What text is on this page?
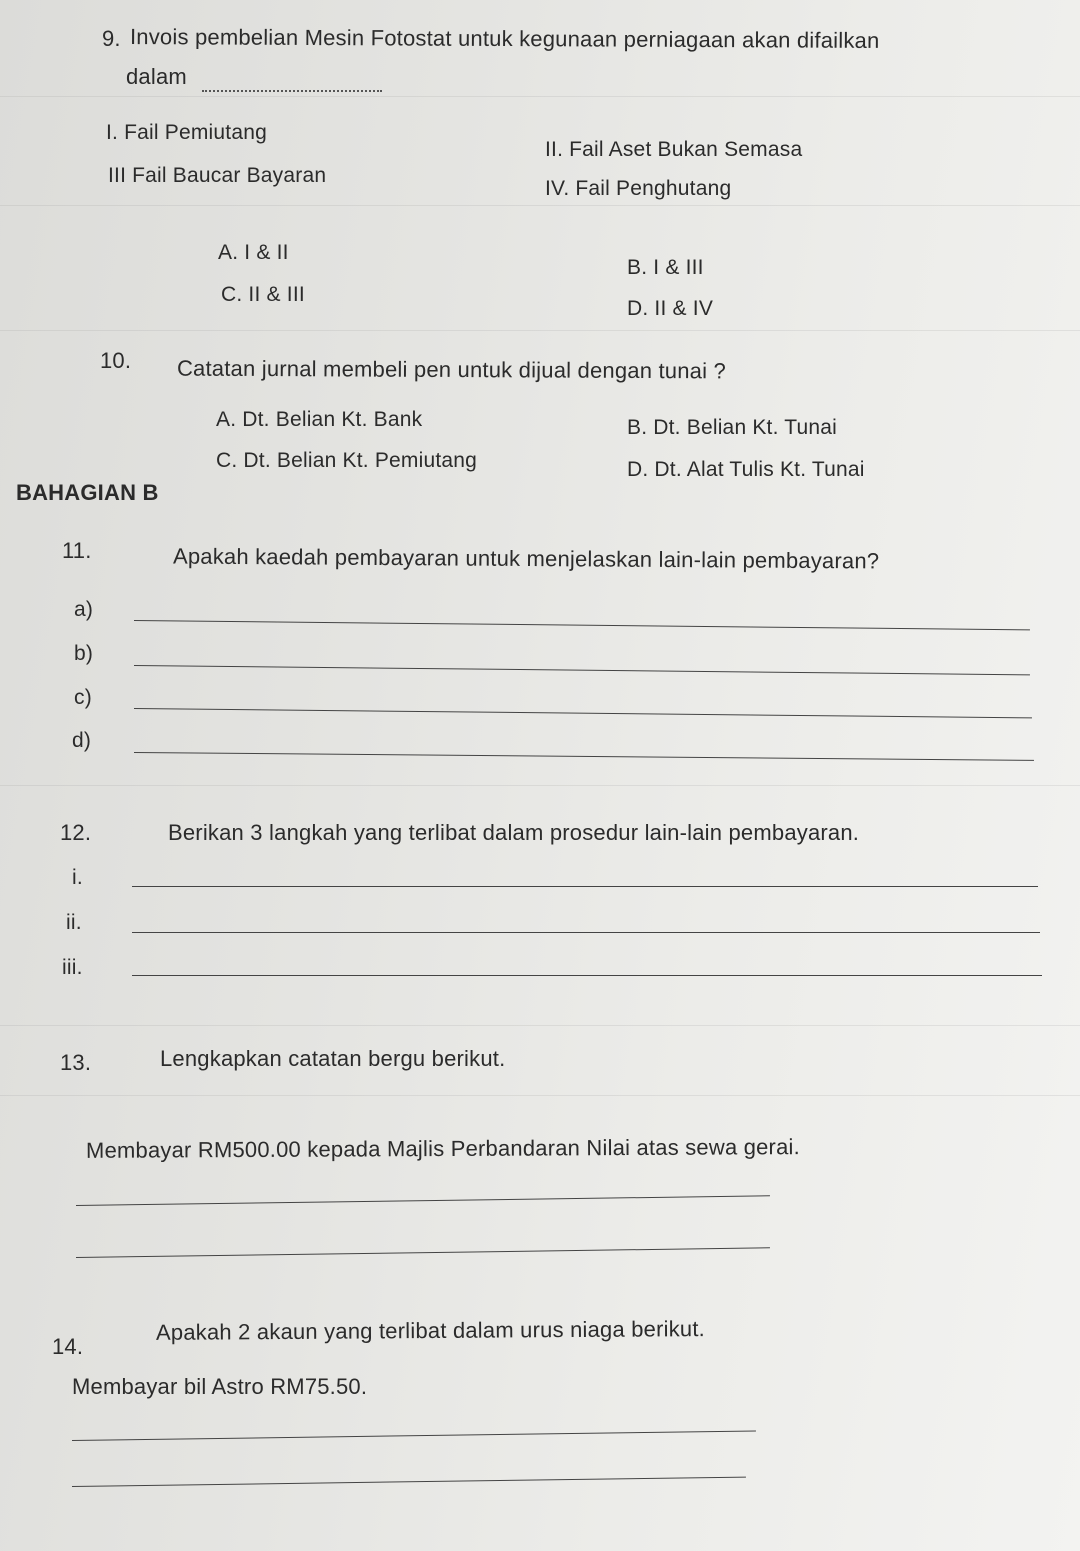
9. Invois pembelian Mesin Fotostat untuk kegunaan perniagaan akan difailkan
dalam
I. Fail Pemiutang
II. Fail Aset Bukan Semasa
III Fail Baucar Bayaran
IV. Fail Penghutang
A. I & II
B. I & III
C. II & III
D. II & IV
10. Catatan jurnal membeli pen untuk dijual dengan tunai ?
A. Dt. Belian Kt. Bank	B. Dt. Belian Kt. Tunai
C. Dt. Belian Kt. Pemiutang	D. Dt. Alat Tulis Kt. Tunai
BAHAGIAN B
11.	Apakah kaedah pembayaran untuk menjelaskan lain-lain pembayaran?
a)
b)
c)
d)
12.	Berikan 3 langkah yang terlibat dalam prosedur lain-lain pembayaran.
i.
ii.
iii.
13.	Lengkapkan catatan bergu berikut.
Membayar RM500.00 kepada Majlis Perbandaran Nilai atas sewa gerai.
14.
Apakah 2 akaun yang terlibat dalam urus niaga berikut.
Membayar bil Astro RM75.50.
